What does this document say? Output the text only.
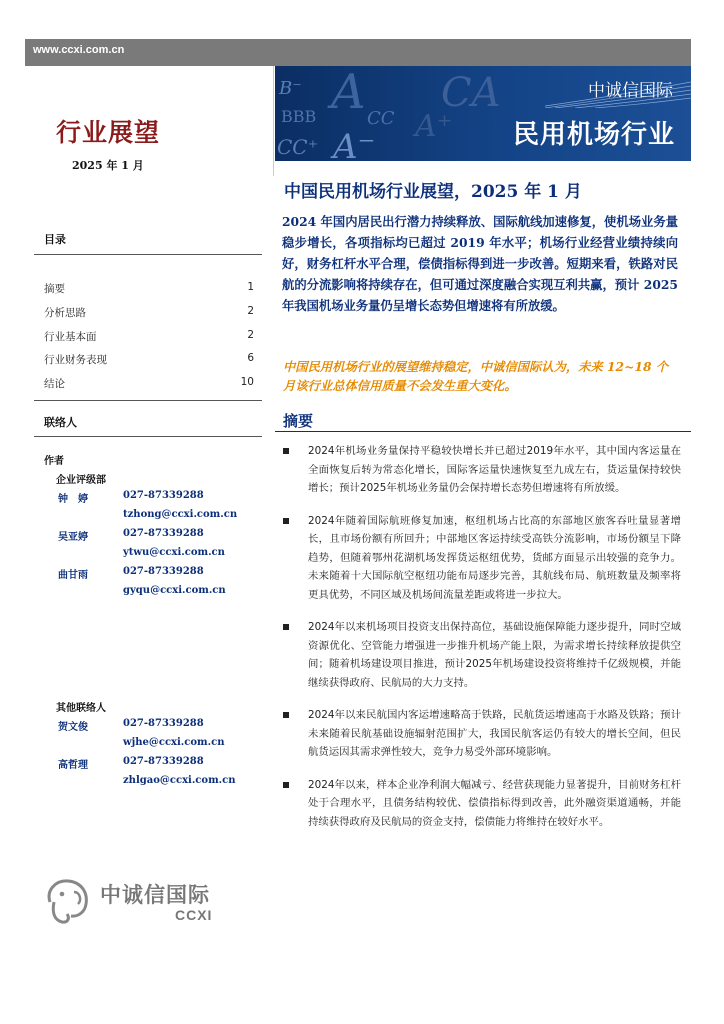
www.ccxi.com.cn
行业展望
2025 年 1 月
B⁻
BBB	CC
A
CC⁺ A⁻
CA
A⁺
中诚信国际
民用机场行业
中国民用机场行业展望，2025 年 1 月
2024 年国内居民出行潜力持续释放、国际航线加速修复，使机场业务量稳步增长，各项指标均已超过 2019 年水平；机场行业经营业绩持续向好，财务杠杆水平合理，偿债指标得到进一步改善。短期来看，铁路对民航的分流影响将持续存在，但可通过深度融合实现互利共赢，预计 2025 年我国机场业务量仍呈增长态势但增速将有所放缓。
中国民用机场行业的展望维持稳定，中诚信国际认为，未来 12~18 个月该行业总体信用质量不会发生重大变化。
摘要
2024年机场业务量保持平稳较快增长并已超过2019年水平，其中国内客运量在全面恢复后转为常态化增长，国际客运量快速恢复至九成左右，货运量保持较快增长；预计2025年机场业务量仍会保持增长态势但增速将有所放缓。
2024年随着国际航班修复加速，枢纽机场占比高的东部地区旅客吞吐量显著增长，且市场份额有所回升；中部地区客运持续受高铁分流影响，市场份额呈下降趋势，但随着鄂州花湖机场发挥货运枢纽优势，货邮方面显示出较强的竞争力。未来随着十大国际航空枢纽功能布局逐步完善，其航线布局、航班数量及频率将更具优势，不同区域及机场间流量差距或将进一步拉大。
2024年以来机场项目投资支出保持高位，基础设施保障能力逐步提升，同时空域资源优化、空管能力增强进一步推升机场产能上限，为需求增长持续释放提供空间；随着机场建设项目推进，预计2025年机场建设投资将维持千亿级规模，并能继续获得政府、民航局的大力支持。
2024年以来民航国内客运增速略高于铁路，民航货运增速高于水路及铁路；预计未来随着民航基础设施辐射范围扩大，我国民航客运仍有较大的增长空间，但民航货运因其需求弹性较大，竞争力易受外部环境影响。
2024年以来，样本企业净利润大幅减亏、经营获现能力显著提升，目前财务杠杆处于合理水平，且债务结构较优、偿债指标得到改善，此外融资渠道通畅，并能持续获得政府及民航局的资金支持，偿债能力将维持在较好水平。
目录
摘要	1
分析思路	2
行业基本面	2
行业财务表现	6
结论	10
联络人
作者
企业评级部
钟　婷	027-87339288
tzhong@ccxi.com.cn
吴亚婷	027-87339288
ytwu@ccxi.com.cn
曲甘雨	027-87339288
gyqu@ccxi.com.cn
其他联络人
贺文俊	027-87339288
wjhe@ccxi.com.cn
高哲理	027-87339288
zhlgao@ccxi.com.cn
中诚信国际
CCXI
